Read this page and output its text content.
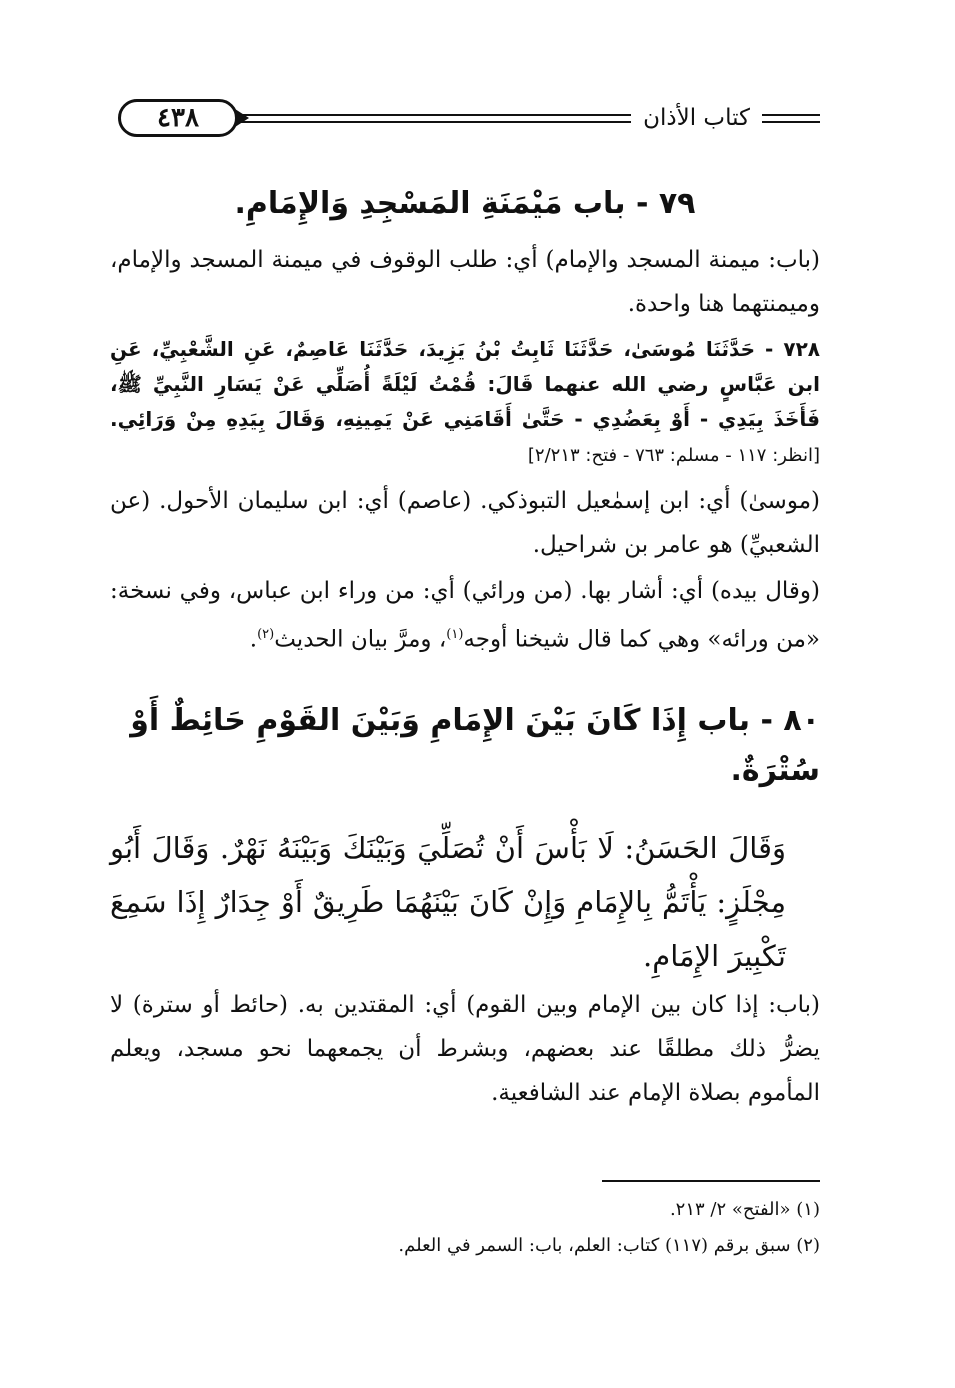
٤٣٨	كتاب الأذان
٧٩ - باب مَيْمَنَةِ المَسْجِدِ وَالإِمَامِ.

(باب: ميمنة المسجد والإمام) أي: طلب الوقوف في ميمنة المسجد والإمام، وميمنتهما هنا واحدة.

٧٢٨ - حَدَّثَنَا مُوسَىٰ، حَدَّثَنَا ثَابِتُ بْنُ يَزِيدَ، حَدَّثَنَا عَاصِمٌ، عَنِ الشَّعْبِيِّ، عَنِ ابن عَبَّاسٍ رضي الله عنهما قَالَ: قُمْتُ لَيْلَةً أُصَلِّي عَنْ يَسَارِ النَّبِيِّ ﷺ، فَأَخَذَ بِيَدِي - أَوْ بِعَضُدِي - حَتَّىٰ أَقَامَنِي عَنْ يَمِينِهِ، وَقَالَ بِيَدِهِ مِنْ وَرَائِي. [انظر: ١١٧ - مسلم: ٧٦٣ - فتح: ٢/٢١٣]

(موسىٰ) أي: ابن إسمٰعيل التبوذكي. (عاصم) أي: ابن سليمان الأحول. (عن الشعبيِّ) هو عامر بن شراحيل.

(وقال بيده) أي: أشار بها. (من ورائي) أي: من وراء ابن عباس، وفي نسخة: «من ورائه» وهي كما قال شيخنا أوجه$^{(١)}$، ومرَّ بيان الحديث$^{(٢)}$.

٨٠ - باب إِذَا كَانَ بَيْنَ الإِمَامِ وَبَيْنَ القَوْمِ حَائِطٌ أَوْ سُتْرَةٌ.

وَقَالَ الحَسَنُ: لَا بَأْسَ أَنْ تُصَلِّيَ وَبَيْنَكَ وَبَيْنَهُ نَهْرٌ. وَقَالَ أَبُو مِجْلَزٍ: يَأْتَمُّ بِالإِمَامِ وَإِنْ كَانَ بَيْنَهُمَا طَرِيقٌ أَوْ جِدَارٌ إِذَا سَمِعَ تَكْبِيرَ الإِمَامِ.

(باب: إذا كان بين الإمام وبين القوم) أي: المقتدين به. (حائط أو سترة) لا يضرُّ ذلك مطلقًا عند بعضهم، وبشرط أن يجمعهما نحو مسجد، ويعلم المأموم بصلاة الإمام عند الشافعية.

(١) «الفتح» ٢/ ٢١٣.
(٢) سبق برقم (١١٧) كتاب: العلم، باب: السمر في العلم.
